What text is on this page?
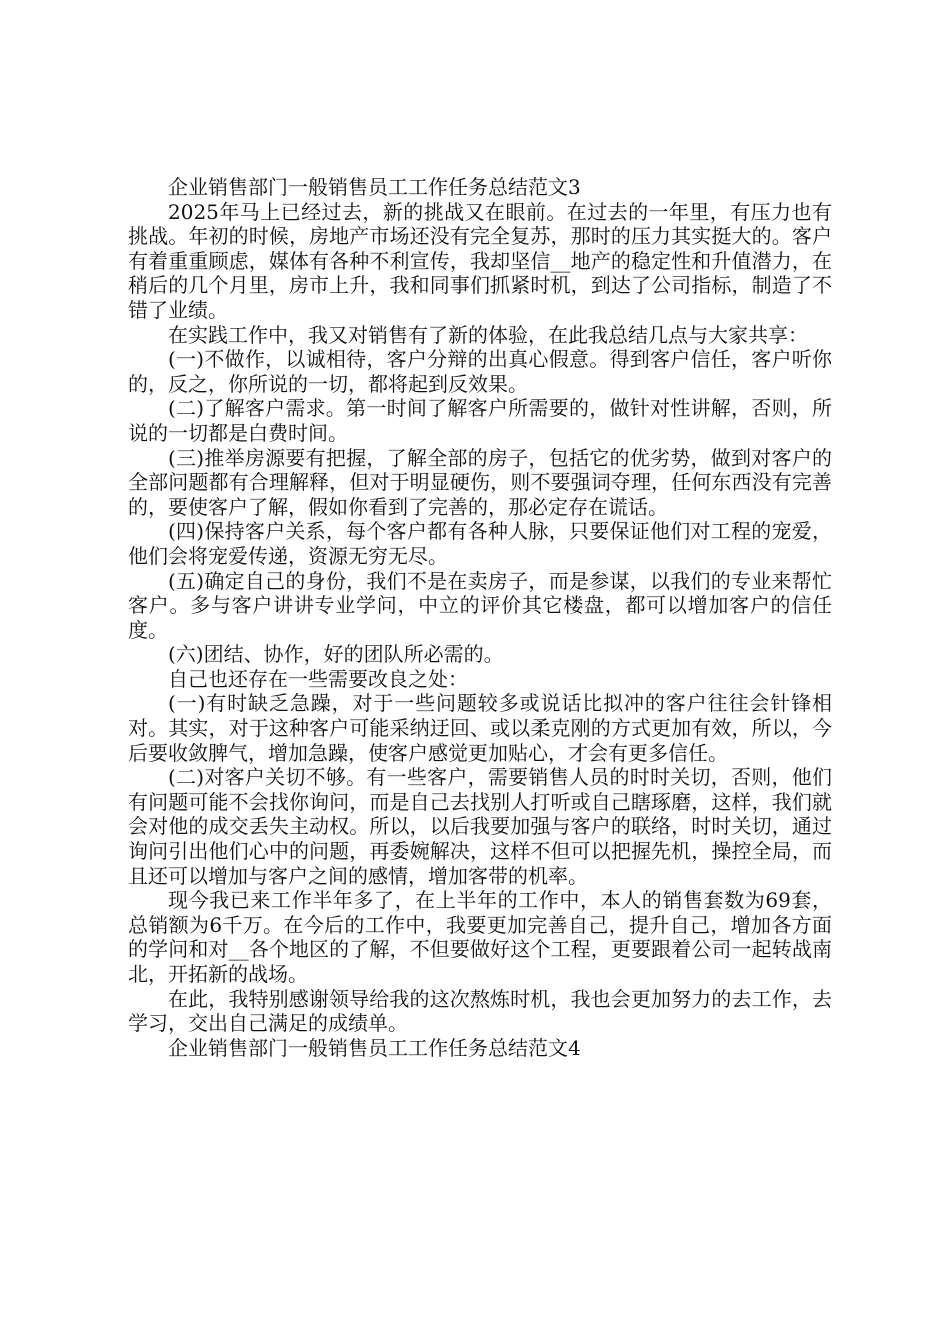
企业销售部门一般销售员工工作任务总结范文3

2025年马上已经过去，新的挑战又在眼前。在过去的一年里，有压力也有挑战。年初的时候，房地产市场还没有完全复苏，那时的压力其实挺大的。客户有着重重顾虑，媒体有各种不利宣传，我却坚信__地产的稳定性和升值潜力，在稍后的几个月里，房市上升，我和同事们抓紧时机，到达了公司指标，制造了不错了业绩。

在实践工作中，我又对销售有了新的体验，在此我总结几点与大家共享：

(一)不做作，以诚相待，客户分辩的出真心假意。得到客户信任，客户听你的，反之，你所说的一切，都将起到反效果。

(二)了解客户需求。第一时间了解客户所需要的，做针对性讲解，否则，所说的一切都是白费时间。

(三)推举房源要有把握，了解全部的房子，包括它的优劣势，做到对客户的全部问题都有合理解释，但对于明显硬伤，则不要强词夺理，任何东西没有完善的，要使客户了解，假如你看到了完善的，那必定存在谎话。

(四)保持客户关系，每个客户都有各种人脉，只要保证他们对工程的宠爱，他们会将宠爱传递，资源无穷无尽。

(五)确定自己的身份，我们不是在卖房子，而是参谋，以我们的专业来帮忙客户。多与客户讲讲专业学问，中立的评价其它楼盘，都可以增加客户的信任度。

(六)团结、协作，好的团队所必需的。

自己也还存在一些需要改良之处：

(一)有时缺乏急躁，对于一些问题较多或说话比拟冲的客户往往会针锋相对。其实，对于这种客户可能采纳迂回、或以柔克刚的方式更加有效，所以，今后要收敛脾气，增加急躁，使客户感觉更加贴心，才会有更多信任。

(二)对客户关切不够。有一些客户，需要销售人员的时时关切，否则，他们有问题可能不会找你询问，而是自己去找别人打听或自己瞎琢磨，这样，我们就会对他的成交丢失主动权。所以，以后我要加强与客户的联络，时时关切，通过询问引出他们心中的问题，再委婉解决，这样不但可以把握先机，操控全局，而且还可以增加与客户之间的感情，增加客带的机率。

现今我已来工作半年多了，在上半年的工作中，本人的销售套数为69套，总销额为6千万。在今后的工作中，我要更加完善自己，提升自己，增加各方面的学问和对__各个地区的了解，不但要做好这个工程，更要跟着公司一起转战南北，开拓新的战场。

在此，我特别感谢领导给我的这次熬炼时机，我也会更加努力的去工作，去学习，交出自己满足的成绩单。

企业销售部门一般销售员工工作任务总结范文4
